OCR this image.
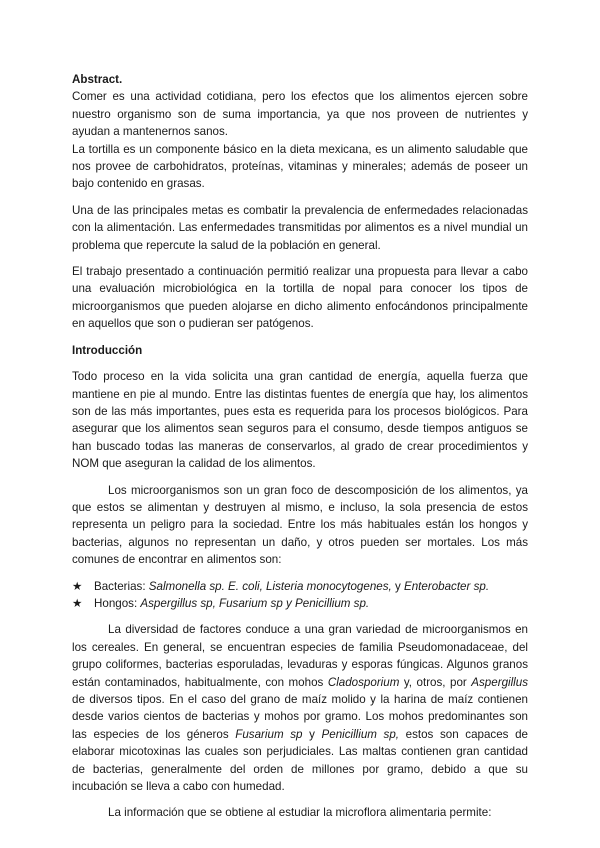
Abstract.

Comer es una actividad cotidiana, pero los efectos que los alimentos ejercen sobre nuestro organismo son de suma importancia, ya que nos proveen de nutrientes y ayudan a mantenernos sanos.

La tortilla es un componente básico en la dieta mexicana, es un alimento saludable que nos provee de carbohidratos, proteínas, vitaminas y minerales; además de poseer un bajo contenido en grasas.

Una de las principales metas es combatir la prevalencia de enfermedades relacionadas con la alimentación. Las enfermedades transmitidas por alimentos es a nivel mundial un problema que repercute la salud de la población en general.

El trabajo presentado a continuación permitió realizar una propuesta para llevar a cabo una evaluación microbiológica en la tortilla de nopal para conocer los tipos de microorganismos que pueden alojarse en dicho alimento enfocándonos principalmente en aquellos que son o pudieran ser patógenos.

Introducción

Todo proceso en la vida solicita una gran cantidad de energía, aquella fuerza que mantiene en pie al mundo. Entre las distintas fuentes de energía que hay, los alimentos son de las más importantes, pues esta es requerida para los procesos biológicos. Para asegurar que los alimentos sean seguros para el consumo, desde tiempos antiguos se han buscado todas las maneras de conservarlos, al grado de crear procedimientos y NOM que aseguran la calidad de los alimentos.

Los microorganismos son un gran foco de descomposición de los alimentos, ya que estos se alimentan y destruyen al mismo, e incluso, la sola presencia de estos representa un peligro para la sociedad. Entre los más habituales están los hongos y bacterias, algunos no representan un daño, y otros pueden ser mortales. Los más comunes de encontrar en alimentos son:

★ Bacterias: Salmonella sp. E. coli, Listeria monocytogenes, y Enterobacter sp.
★ Hongos: Aspergillus sp, Fusarium sp y Penicillium sp.

La diversidad de factores conduce a una gran variedad de microorganismos en los cereales. En general, se encuentran especies de familia Pseudomonadaceae, del grupo coliformes, bacterias esporuladas, levaduras y esporas fúngicas. Algunos granos están contaminados, habitualmente, con mohos Cladosporium y, otros, por Aspergillus de diversos tipos. En el caso del grano de maíz molido y la harina de maíz contienen desde varios cientos de bacterias y mohos por gramo. Los mohos predominantes son las especies de los géneros Fusarium sp y Penicillium sp, estos son capaces de elaborar micotoxinas las cuales son perjudiciales. Las maltas contienen gran cantidad de bacterias, generalmente del orden de millones por gramo, debido a que su incubación se lleva a cabo con humedad.

La información que se obtiene al estudiar la microflora alimentaria permite:
